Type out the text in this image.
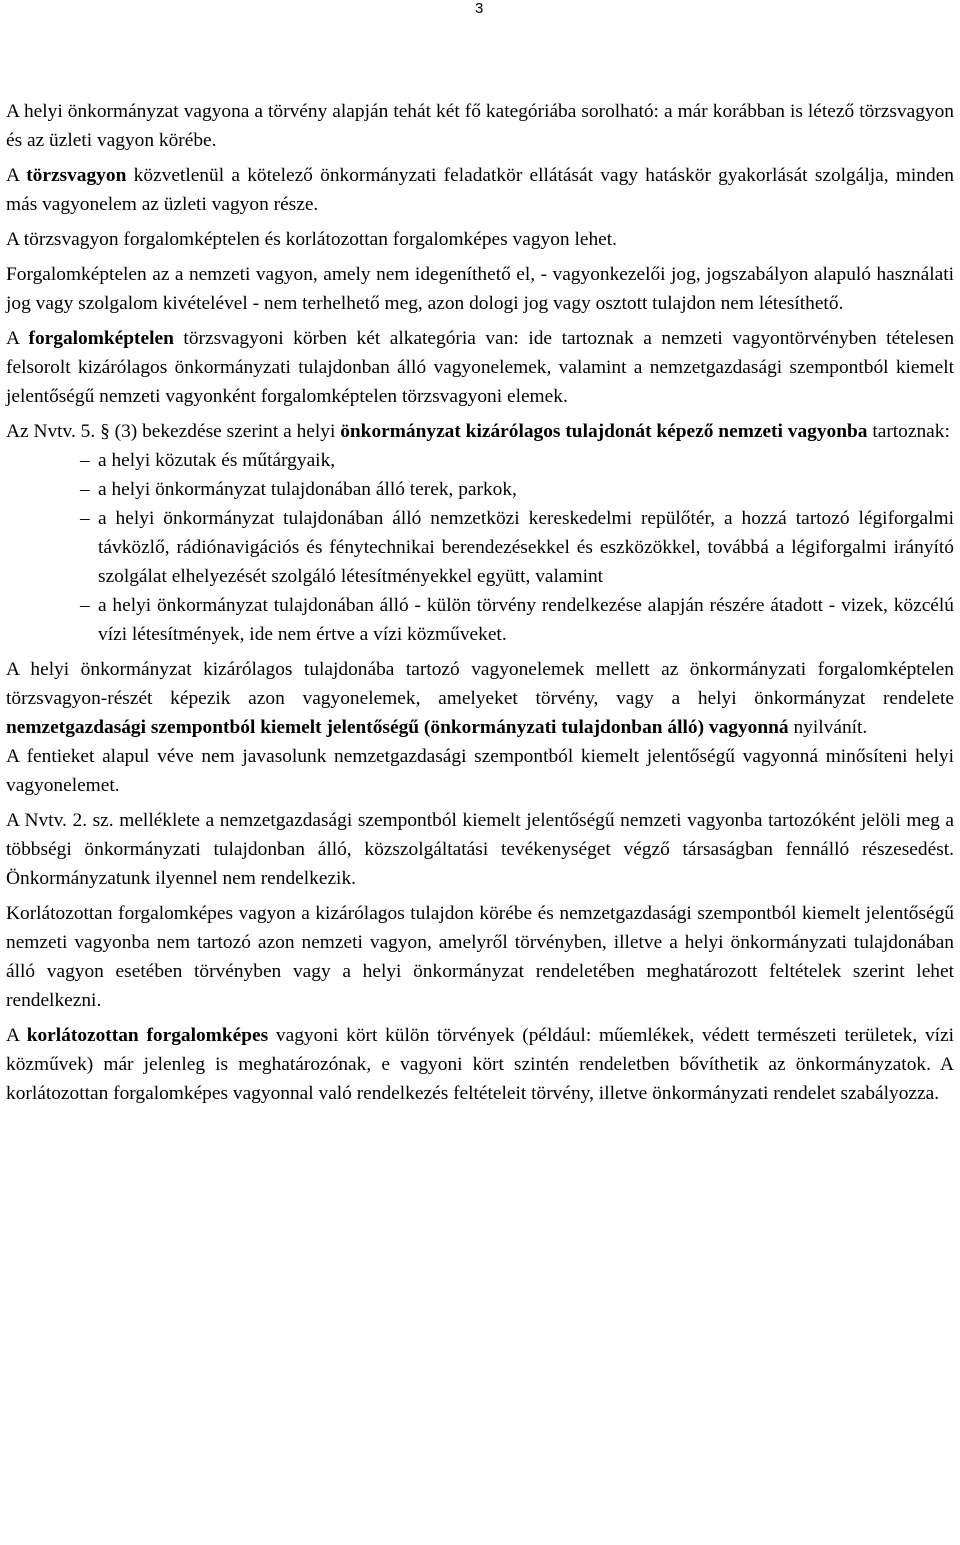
3

A helyi önkormányzat vagyona a törvény alapján tehát két fő kategóriába sorolható: a már korábban is létező törzsvagyon és az üzleti vagyon körébe.

A törzsvagyon közvetlenül a kötelező önkormányzati feladatkör ellátását vagy hatáskör gyakorlását szolgálja, minden más vagyonelem az üzleti vagyon része.

A törzsvagyon forgalomképtelen és korlátozottan forgalomképes vagyon lehet.

Forgalomképtelen az a nemzeti vagyon, amely nem idegeníthető el, - vagyonkezelői jog, jogszabályon alapuló használati jog vagy szolgalom kivételével - nem terhelhető meg, azon dologi jog vagy osztott tulajdon nem létesíthető.

A forgalomképtelen törzsvagyoni körben két alkategória van: ide tartoznak a nemzeti vagyontörvényben tételesen felsorolt kizárólagos önkormányzati tulajdonban álló vagyonelemek, valamint a nemzetgazdasági szempontból kiemelt jelentőségű nemzeti vagyonként forgalomképtelen törzsvagyoni elemek.

Az Nvtv. 5. § (3) bekezdése szerint a helyi önkormányzat kizárólagos tulajdonát képező nemzeti vagyonba tartoznak:

– a helyi közutak és műtárgyaik,
– a helyi önkormányzat tulajdonában álló terek, parkok,
– a helyi önkormányzat tulajdonában álló nemzetközi kereskedelmi repülőtér, a hozzá tartozó légiforgalmi távközlő, rádiónavigációs és fénytechnikai berendezésekkel és eszközökkel, továbbá a légiforgalmi irányító szolgálat elhelyezését szolgáló létesítményekkel együtt, valamint
– a helyi önkormányzat tulajdonában álló - külön törvény rendelkezése alapján részére átadott - vizek, közcélú vízi létesítmények, ide nem értve a vízi közműveket.

A helyi önkormányzat kizárólagos tulajdonába tartozó vagyonelemek mellett az önkormányzati forgalomképtelen törzsvagyon-részét képezik azon vagyonelemek, amelyeket törvény, vagy a helyi önkormányzat rendelete nemzetgazdasági szempontból kiemelt jelentőségű (önkormányzati tulajdonban álló) vagyonná nyilvánít.

A fentieket alapul véve nem javasolunk nemzetgazdasági szempontból kiemelt jelentőségű vagyonná minősíteni helyi vagyonelemet.

A Nvtv. 2. sz. melléklete a nemzetgazdasági szempontból kiemelt jelentőségű nemzeti vagyonba tartozóként jelöli meg a többségi önkormányzati tulajdonban álló, közszolgáltatási tevékenységet végző társaságban fennálló részesedést. Önkormányzatunk ilyennel nem rendelkezik.

Korlátozottan forgalomképes vagyon a kizárólagos tulajdon körébe és nemzetgazdasági szempontból kiemelt jelentőségű nemzeti vagyonba nem tartozó azon nemzeti vagyon, amelyről törvényben, illetve a helyi önkormányzati tulajdonában álló vagyon esetében törvényben vagy a helyi önkormányzat rendeletében meghatározott feltételek szerint lehet rendelkezni.

A korlátozottan forgalomképes vagyoni kört külön törvények (például: műemlékek, védett természeti területek, vízi közművek) már jelenleg is meghatározónak, e vagyoni kört szintén rendeletben bővíthetik az önkormányzatok. A korlátozottan forgalomképes vagyonnal való rendelkezés feltételeit törvény, illetve önkormányzati rendelet szabályozza.
